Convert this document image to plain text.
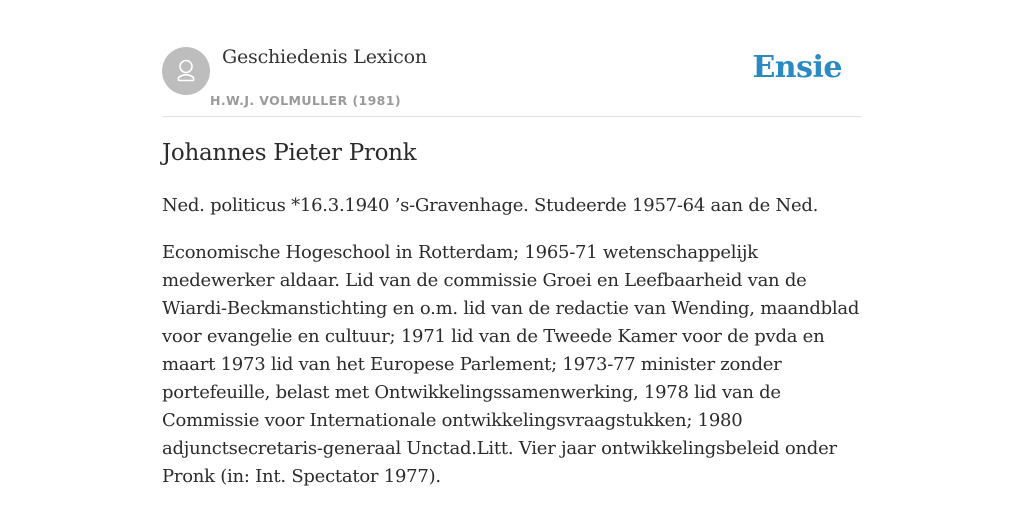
Geschiedenis Lexicon
H.W.J. VOLMULLER (1981)
Ensie
Johannes Pieter Pronk

Ned. politicus *16.3.1940 ’s-Gravenhage. Studeerde 1957-64 aan de Ned.

Economische Hogeschool in Rotterdam; 1965-71 wetenschappelijk medewerker aldaar. Lid van de commissie Groei en Leefbaarheid van de Wiardi-Beckmanstichting en o.m. lid van de redactie van Wending, maandblad voor evangelie en cultuur; 1971 lid van de Tweede Kamer voor de pvda en maart 1973 lid van het Europese Parlement; 1973-77 minister zonder portefeuille, belast met Ontwikkelingssamenwerking, 1978 lid van de Commissie voor Internationale ontwikkelingsvraagstukken; 1980 adjunctsecretaris-generaal Unctad.Litt. Vier jaar ontwikkelingsbeleid onder Pronk (in: Int. Spectator 1977).
